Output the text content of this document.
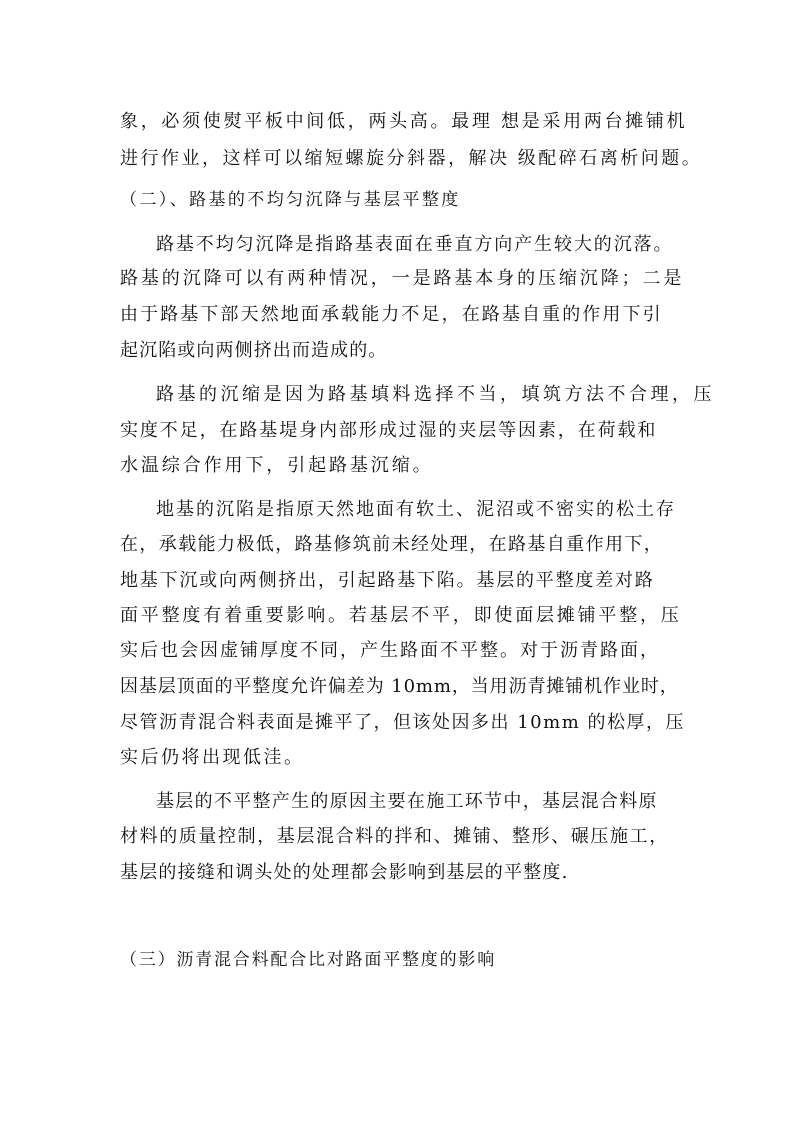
象，必须使熨平板中间低，两头高。最理 想是采用两台摊铺机
进行作业，这样可以缩短螺旋分斜器，解决 级配碎石离析问题。
（二）、路基的不均匀沉降与基层平整度
路基不均匀沉降是指路基表面在垂直方向产生较大的沉落。
路基的沉降可以有两种情况，一是路基本身的压缩沉降；二是
由于路基下部天然地面承载能力不足，在路基自重的作用下引
起沉陷或向两侧挤出而造成的。
路基的沉缩是因为路基填料选择不当，填筑方法不合理，压
实度不足，在路基堤身内部形成过湿的夹层等因素，在荷载和
水温综合作用下，引起路基沉缩。
地基的沉陷是指原天然地面有软土、泥沼或不密实的松土存
在，承载能力极低，路基修筑前未经处理，在路基自重作用下，
地基下沉或向两侧挤出，引起路基下陷。基层的平整度差对路
面平整度有着重要影响。若基层不平，即使面层摊铺平整，压
实后也会因虚铺厚度不同，产生路面不平整。对于沥青路面，
因基层顶面的平整度允许偏差为 10mm，当用沥青摊铺机作业时，
尽管沥青混合料表面是摊平了，但该处因多出 10mm 的松厚，压
实后仍将出现低洼。
基层的不平整产生的原因主要在施工环节中，基层混合料原
材料的质量控制，基层混合料的拌和、摊铺、整形、碾压施工，
基层的接缝和调头处的处理都会影响到基层的平整度.
（三）沥青混合料配合比对路面平整度的影响
